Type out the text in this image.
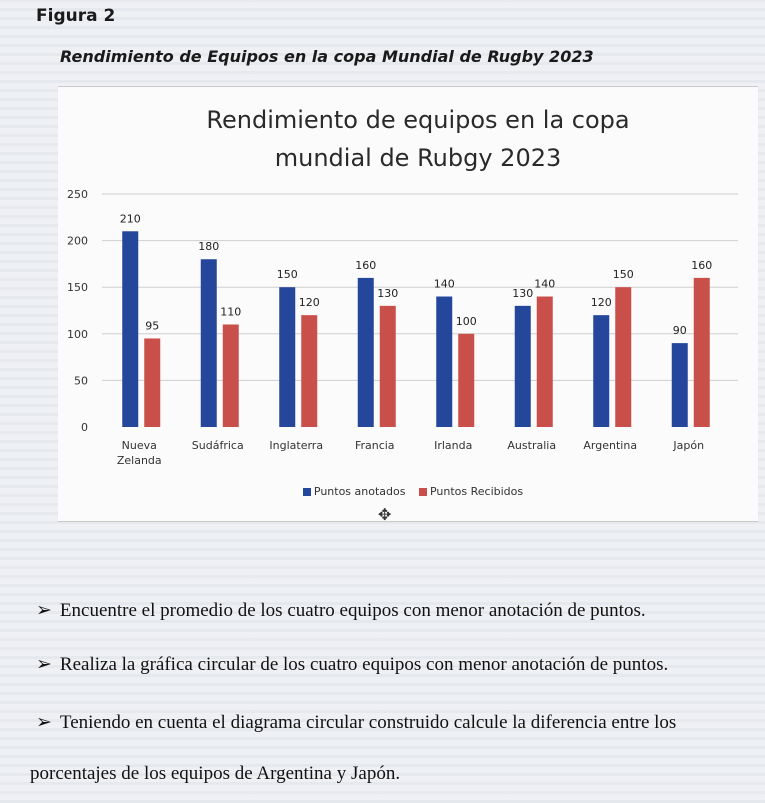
Figura 2
Rendimiento de Equipos en la copa Mundial de Rugby 2023
Rendimiento de equipos en la copa
mundial de Rubgy 2023
0
50
100
150
200
250
210
95
Nueva
Zelanda
180
110
Sudáfrica
150
120
Inglaterra
160
130
Francia
140
100
Irlanda
130
140
Australia
120
150
Argentina
90
160
Japón
Puntos anotados Puntos Recibidos
✥
➢ Encuentre el promedio de los cuatro equipos con menor anotación de puntos.
➢ Realiza la gráfica circular de los cuatro equipos con menor anotación de puntos.
➢ Teniendo en cuenta el diagrama circular construido calcule la diferencia entre los
porcentajes de los equipos de Argentina y Japón.
